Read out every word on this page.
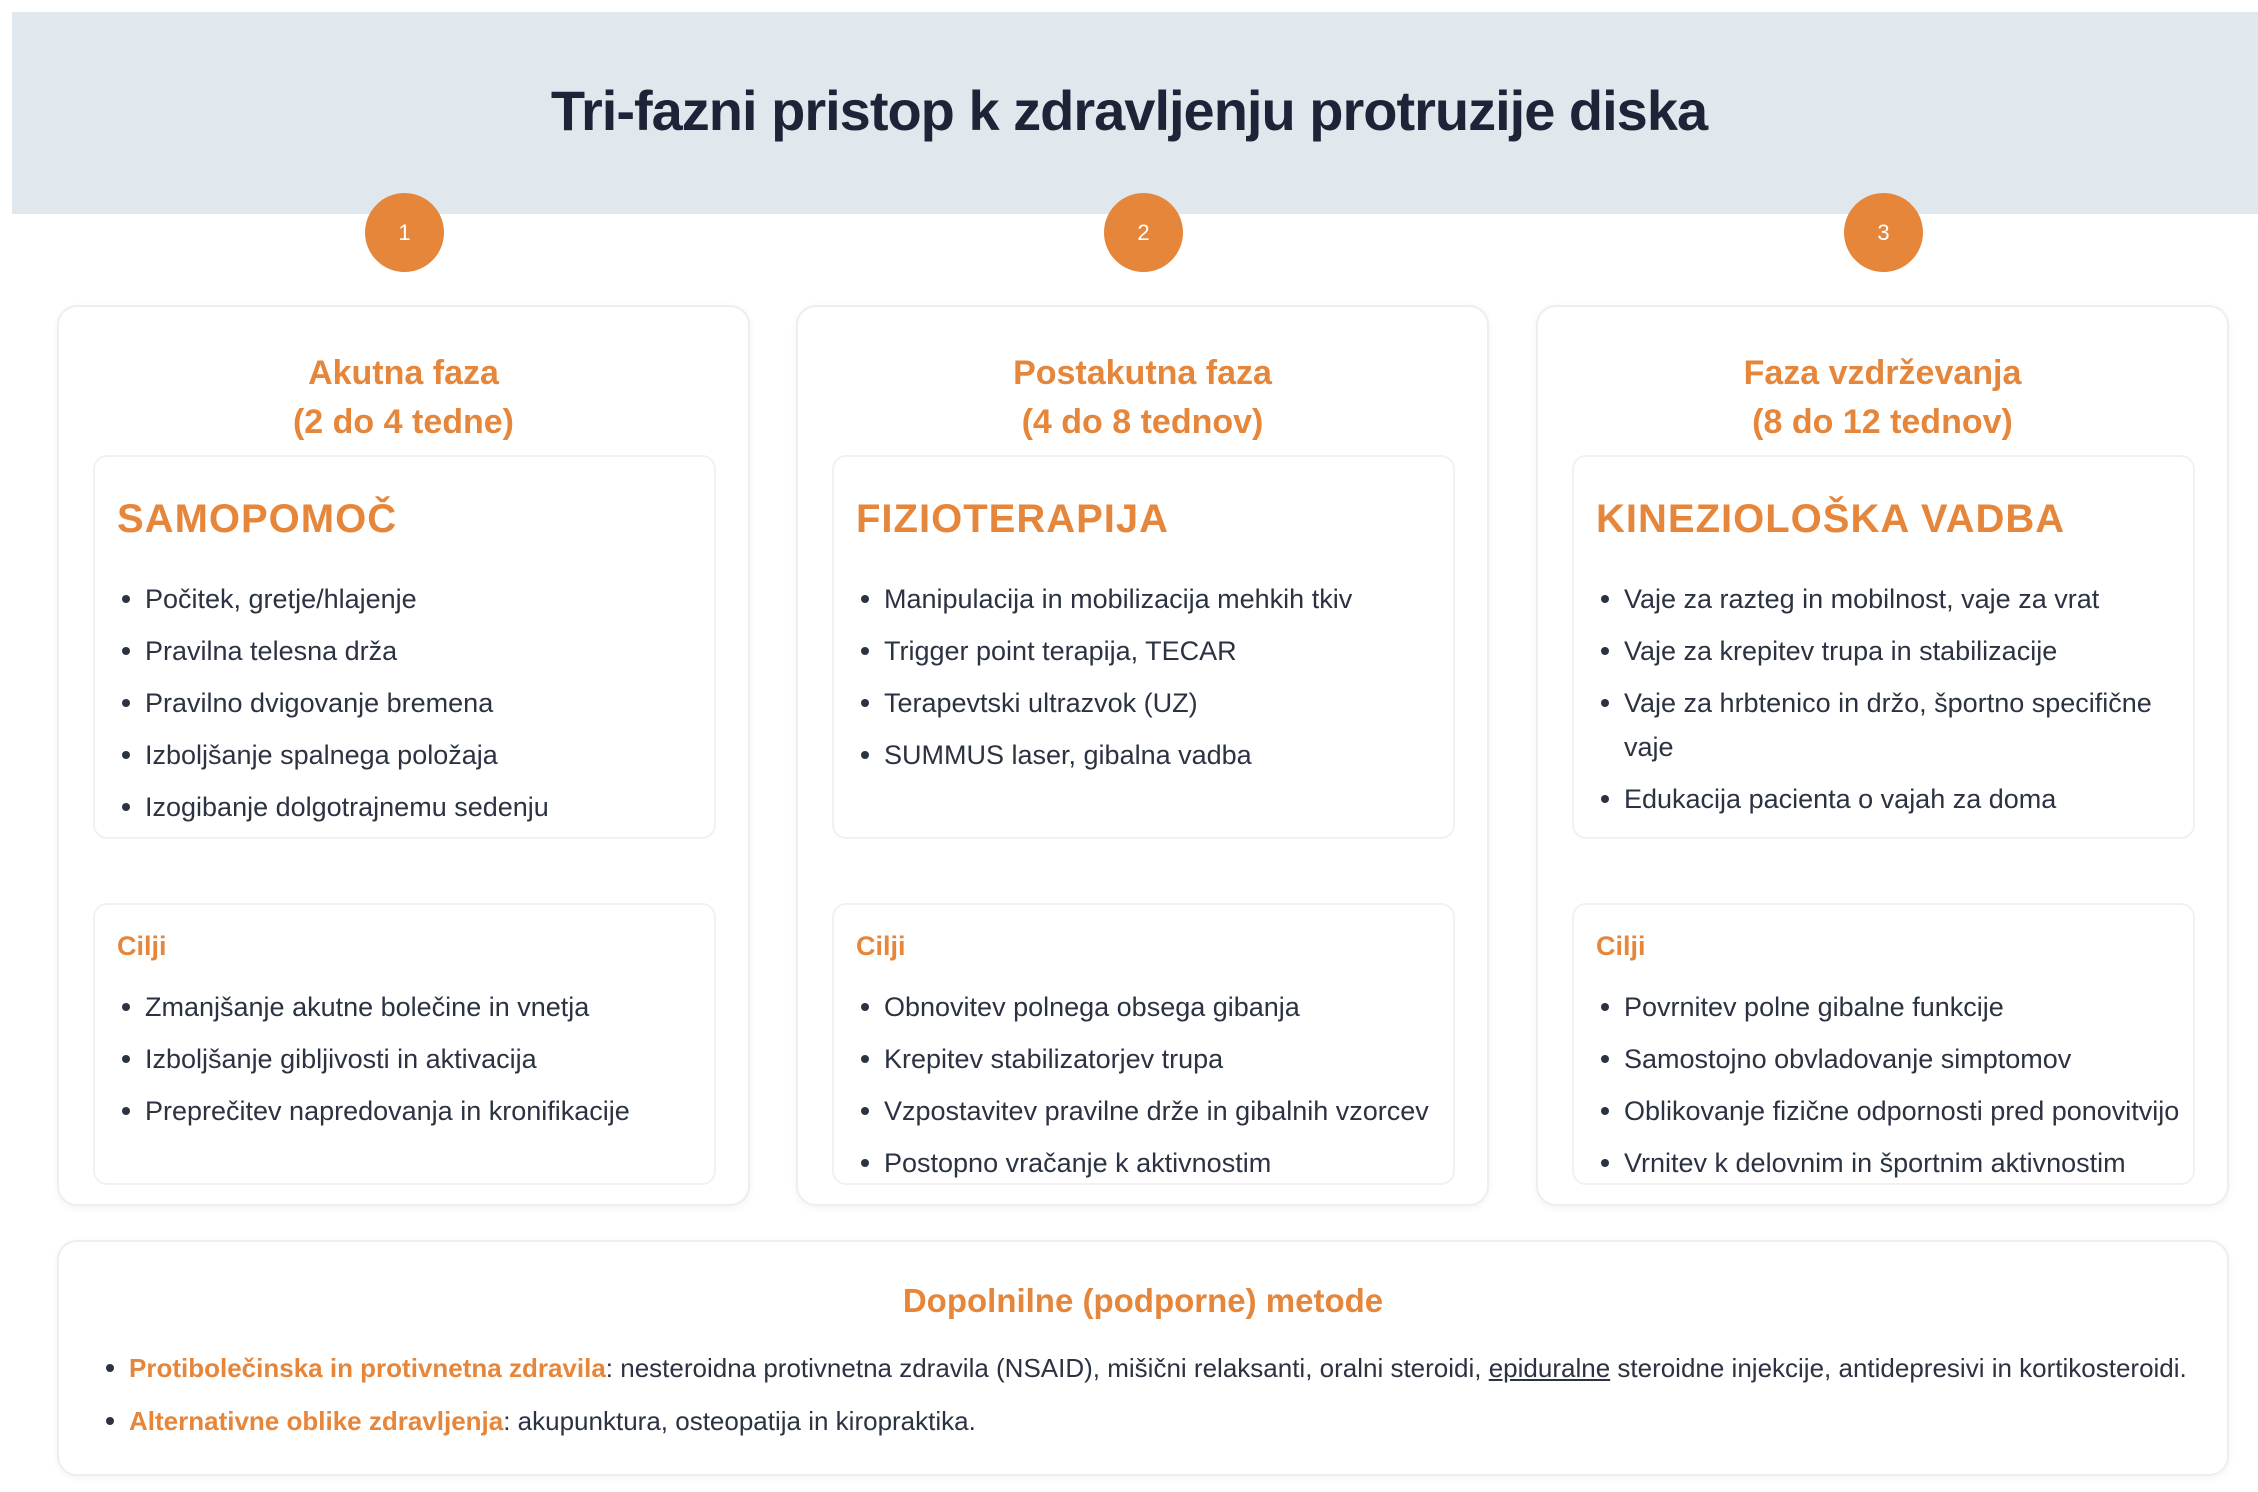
Tri-fazni pristop k zdravljenju protruzije diska
1	2	3
Akutna faza
(2 do 4 tedne)
SAMOPOMOČ
Počitek, gretje/hlajenje
Pravilna telesna drža
Pravilno dvigovanje bremena
Izboljšanje spalnega položaja
Izogibanje dolgotrajnemu sedenju
Cilji
Zmanjšanje akutne bolečine in vnetja
Izboljšanje gibljivosti in aktivacija
Preprečitev napredovanja in kronifikacije
Postakutna faza
(4 do 8 tednov)
FIZIOTERAPIJA
Manipulacija in mobilizacija mehkih tkiv
Trigger point terapija, TECAR
Terapevtski ultrazvok (UZ)
SUMMUS laser, gibalna vadba
Cilji
Obnovitev polnega obsega gibanja
Krepitev stabilizatorjev trupa
Vzpostavitev pravilne drže in gibalnih vzorcev
Postopno vračanje k aktivnostim
Faza vzdrževanja
(8 do 12 tednov)
KINEZIOLOŠKA VADBA
Vaje za razteg in mobilnost, vaje za vrat
Vaje za krepitev trupa in stabilizacije
Vaje za hrbtenico in držo, športno specifične vaje
Edukacija pacienta o vajah za doma
Cilji
Povrnitev polne gibalne funkcije
Samostojno obvladovanje simptomov
Oblikovanje fizične odpornosti pred ponovitvijo
Vrnitev k delovnim in športnim aktivnostim
Dopolnilne (podporne) metode
Protibolečinska in protivnetna zdravila: nesteroidna protivnetna zdravila (NSAID), mišični relaksanti, oralni steroidi, epiduralne steroidne injekcije, antidepresivi in kortikosteroidi.
Alternativne oblike zdravljenja: akupunktura, osteopatija in kiropraktika.
